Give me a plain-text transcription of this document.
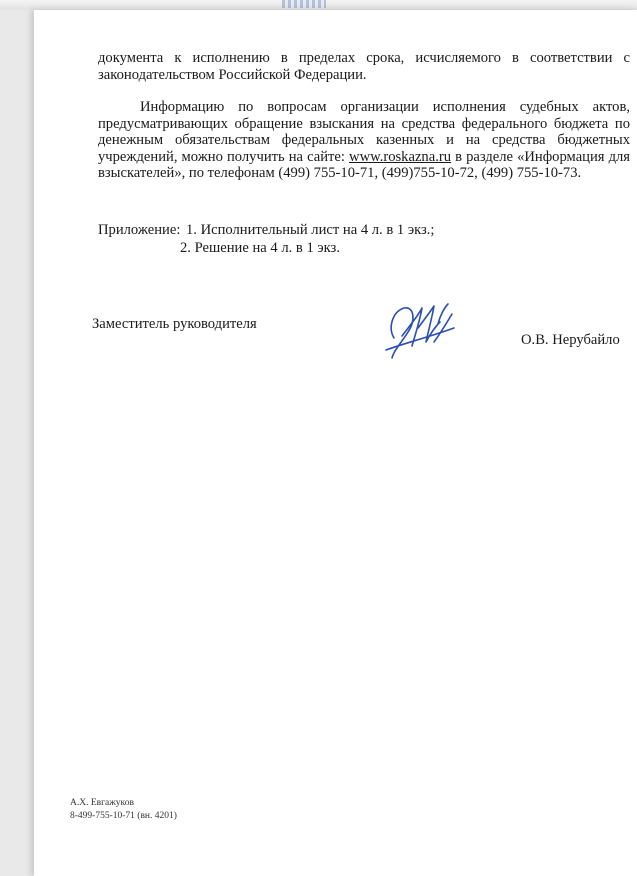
документа к исполнению в пределах срока, исчисляемого в соответствии с
законодательством Российской Федерации.
Информацию по вопросам организации исполнения судебных актов,
предусматривающих обращение взыскания на средства федерального бюджета по
денежным обязательствам федеральных казенных и на средства бюджетных
учреждений, можно получить на сайте: www.roskazna.ru в разделе «Информация для
взыскателей», по телефонам (499) 755-10-71, (499)755-10-72, (499) 755-10-73.
Приложение: 1. Исполнительный лист на 4 л. в 1 экз.;
2. Решение на 4 л. в 1 экз.
Заместитель руководителя
О.В. Нерубайло
А.Х. Евгажуков
8-499-755-10-71 (вн. 4201)
